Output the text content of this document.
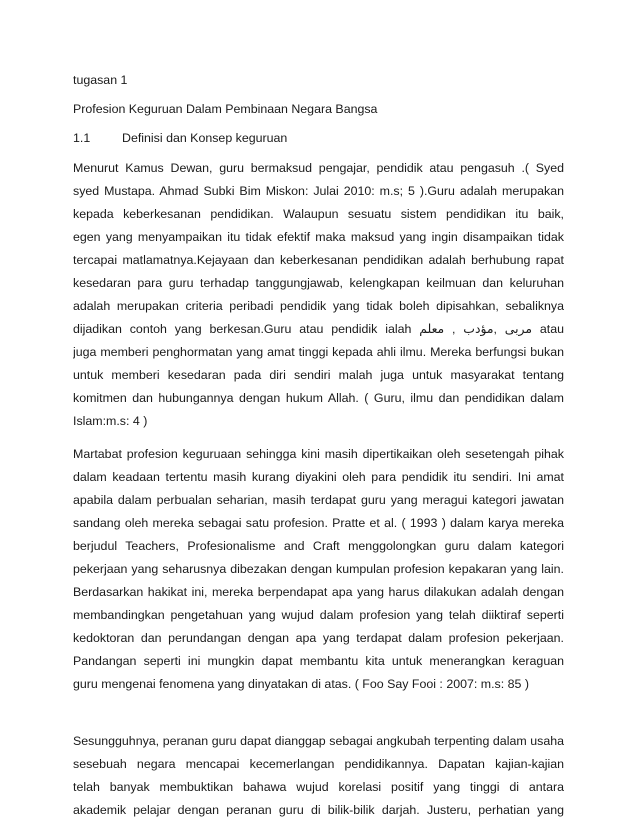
tugasan 1
Profesion Keguruan Dalam Pembinaan Negara Bangsa
1.1	Definisi dan Konsep keguruan
Menurut Kamus Dewan, guru bermaksud pengajar, pendidik atau pengasuh .( Syed
syed Mustapa. Ahmad Subki Bim Miskon: Julai 2010: m.s; 5 ).Guru adalah merupakan
kepada keberkesanan pendidikan. Walaupun sesuatu sistem pendidikan itu baik,
egen yang menyampaikan itu tidak efektif maka maksud yang ingin disampaikan tidak
tercapai matlamatnya.Kejayaan dan keberkesanan pendidikan adalah berhubung rapat
kesedaran para guru terhadap tanggungjawab, kelengkapan keilmuan dan keluruhan
adalah merupakan criteria peribadi pendidik yang tidak boleh dipisahkan, sebaliknya
dijadikan contoh yang berkesan.Guru atau pendidik ialah مربى ,مؤدب , معلم atau
juga memberi penghormatan yang amat tinggi kepada ahli ilmu. Mereka berfungsi bukan
untuk memberi kesedaran pada diri sendiri malah juga untuk masyarakat tentang
komitmen dan hubungannya dengan hukum Allah. ( Guru, ilmu dan pendidikan dalam
Islam:m.s: 4 )
Martabat profesion keguruaan sehingga kini masih dipertikaikan oleh sesetengah pihak
dalam keadaan tertentu masih kurang diyakini oleh para pendidik itu sendiri. Ini amat
apabila dalam perbualan seharian, masih terdapat guru yang meragui kategori jawatan
sandang oleh mereka sebagai satu profesion. Pratte et al. ( 1993 ) dalam karya mereka
berjudul Teachers, Profesionalisme and Craft menggolongkan guru dalam kategori
pekerjaan yang seharusnya dibezakan dengan kumpulan profesion kepakaran yang lain.
Berdasarkan hakikat ini, mereka berpendapat apa yang harus dilakukan adalah dengan
membandingkan pengetahuan yang wujud dalam profesion yang telah diiktiraf seperti
kedoktoran dan perundangan dengan apa yang terdapat dalam profesion pekerjaan.
Pandangan seperti ini mungkin dapat membantu kita untuk menerangkan keraguan
guru mengenai fenomena yang dinyatakan di atas. ( Foo Say Fooi : 2007: m.s: 85 )
Sesungguhnya, peranan guru dapat dianggap sebagai angkubah terpenting dalam usaha
sesebuah negara mencapai kecemerlangan pendidikannya. Dapatan kajian-kajian
telah banyak membuktikan bahawa wujud korelasi positif yang tinggi di antara
akademik pelajar dengan peranan guru di bilik-bilik darjah. Justeru, perhatian yang
